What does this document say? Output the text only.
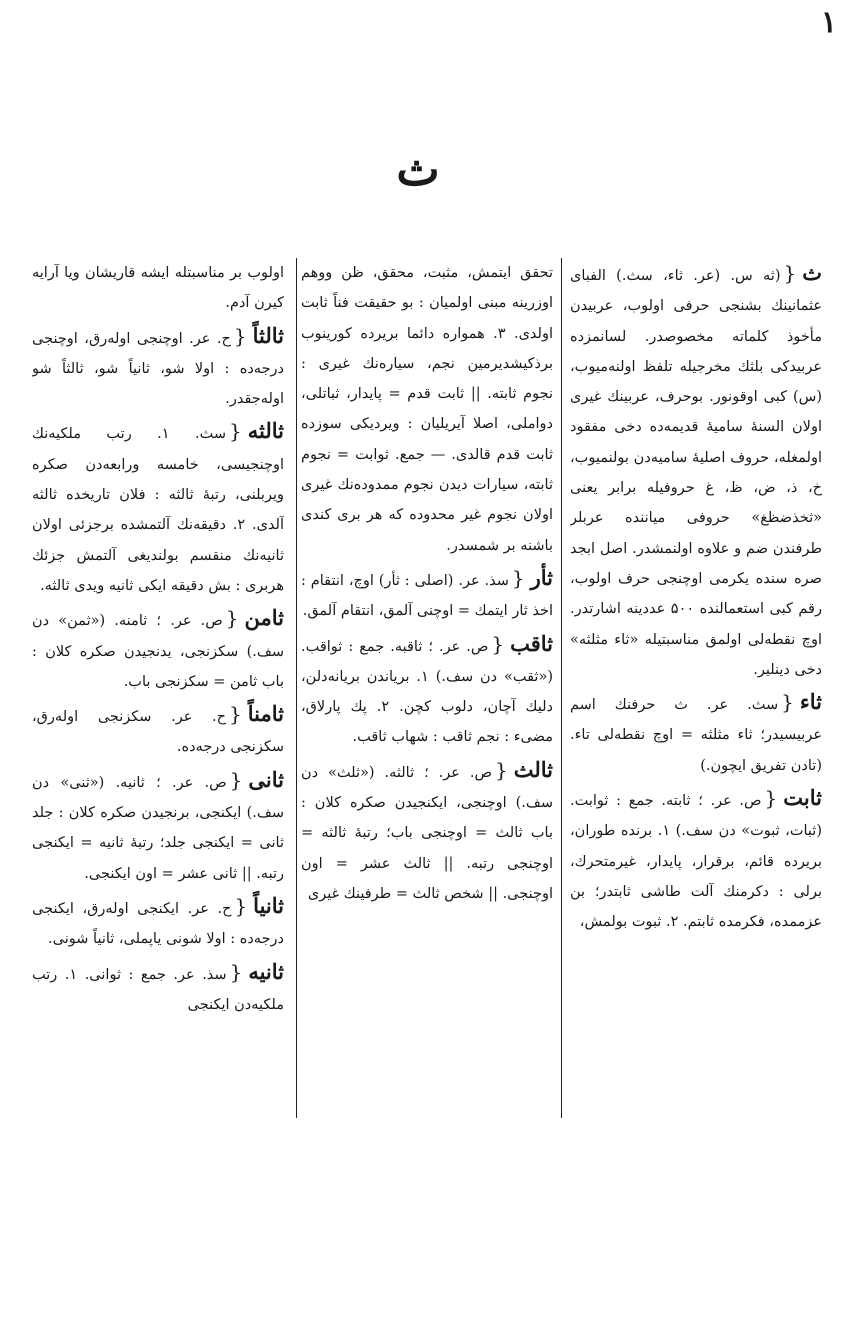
۱
ث

ث{(ثه س. (عر. ثاء، سث.) الفبای عثمانینك بشنجی حرفی اولوب، عربیدن مأخوذ کلماته مخصوصدر. لسانمزده عربیدکی بلثك مخرجیله تلفظ اولنه‌میوب، (س) کبی اوقونور. بوحرف، عربینك غیری اولان السنهٔ سامیهٔ قدیمه‌ده دخی مفقود اولمغله، حروف اصلیهٔ سامیه‌دن بولنمیوب، خ، ذ، ض، ظ، غ حروفیله برابر یعنی «ثخذضظغ» حروفی میاننده عربلر طرفندن ضم و علاوه اولنمشدر. اصل ابجد صره سنده یکرمی اوچنجی حرف اولوب، رقم کبی استعمالنده ۵۰۰ عددینه اشارتدر. اوچ نقطه‌لی اولمق مناسبتیله «ثاء مثلثه» دخی دینلیر.

ثاء{سث. عر. ث حرفنك اسم عربیسیدر؛ ثاء مثلثه = اوچ نقطه‌لی تاء. (تادن تفریق ایچون.)

ثابت{ص. عر. ؛ ثابته. جمع : ثوابت. (ثبات، ثبوت» دن سف.) ۱. برنده طوران، بریرده قائم، برقرار، پایدار، غیرمتحرك، برلی : دکرمنك آلت طاشی ثابتدر؛ بن عزممده، فکرمده ثابتم. ۲. ثبوت بولمش،

تحقق ایتمش، مثبت، محقق، ظن ووهم اوزرینه مبنی اولمیان : بو حقیقت فناً ثابت اولدی. ۳. همواره دائما بریرده کورینوب برذکیشدیرمین نجم، سیاره‌نك غیری : نجوم ثابته. || ثابت قدم = پایدار، ثباتلی، دواملی، اصلا آیریلیان : ویردیکی سوزده ثابت قدم قالدی. — جمع. ثوابت = نجوم ثابته، سیارات دیدن نجوم ممدوده‌نك غیری اولان نجوم غیر محدوده که هر بری کندی باشنه بر شمسدر.

ثأر{سذ. عر. (اصلی : ثأر) اوچ، انتقام : اخذ ثار ایتمك = اوچنی آلمق، انتقام آلمق.

ثاقب{ص. عر. ؛ ثاقبه. جمع : ثواقب. («ثقب» دن سف.) ۱. بریاندن بریانه‌دلن، دلیك آچان، دلوب کچن. ۲. پك پارلاق، مضیء : نجم ثاقب : شهاب ثاقب.

ثالث{ص. عر. ؛ ثالثه. («ثلث» دن سف.) اوچنجی، ایکنجیدن صکره کلان : باب ثالث = اوچنجی باب؛ رتبهٔ ثالثه = اوچنجی رتبه. || ثالث عشر = اون اوچنجی. || شخص ثالث = طرفینك غیری

اولوب بر مناسبتله ایشه قاریشان ویا آرایه کیرن آدم.

ثالثاً{ح. عر. اوچنجی اوله‌رق، اوچنجی درجه‌ده : اولا شو، ثانیاً شو، ثالثاً شو اوله‌جقدر.

ثالثه{سث. ۱. رتب ملکیه‌نك اوچنجیسی، خامسه ورابعه‌دن صکره ویربلنی، رتبهٔ ثالثه : فلان تاریخده ثالثه آلدی. ۲. دقیقه‌نك آلتمشده برجزئی اولان ثانیه‌نك منقسم بولندیغی آلتمش جزئك هربری : بش دقیقه ایکی ثانیه ویدی ثالثه.

ثامن{ص. عر. ؛ ثامنه. («ثمن» دن سف.) سکزنجی، یدنجیدن صکره کلان : باب ثامن = سکزنجی باب.

ثامناً{ح. عر. سکزنجی اوله‌رق، سکزنجی درجه‌ده.

ثانی{ص. عر. ؛ ثانیه. («ثنی» دن سف.) ایکنجی، برنجیدن صکره کلان : جلد ثانی = ایکنجی جلد؛ رتبهٔ ثانیه = ایکنجی رتبه. || ثانی عشر = اون ایکنجی.

ثانیاً{ح. عر. ایکنجی اوله‌رق، ایکنجی درجه‌ده : اولا شونی یاپملی، ثانیاً شونی.

ثانیه{سذ. عر. جمع : ثوانی. ۱. رتب ملکیه‌دن ایکنجی
